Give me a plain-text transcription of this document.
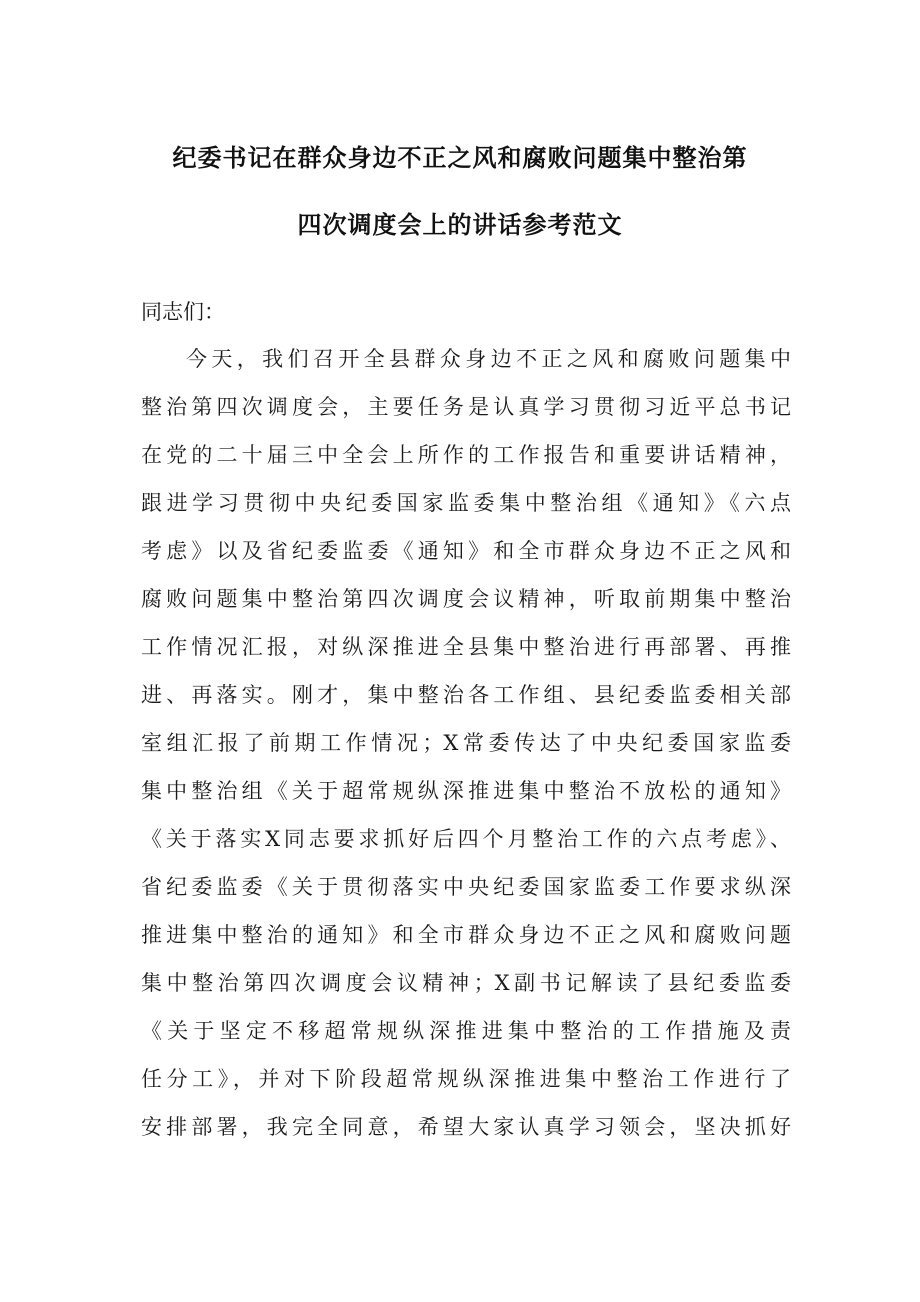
纪委书记在群众身边不正之风和腐败问题集中整治第
四次调度会上的讲话参考范文
同志们：
今天，我们召开全县群众身边不正之风和腐败问题集中
整治第四次调度会，主要任务是认真学习贯彻习近平总书记
在党的二十届三中全会上所作的工作报告和重要讲话精神，
跟进学习贯彻中央纪委国家监委集中整治组《通知》《六点
考虑》以及省纪委监委《通知》和全市群众身边不正之风和
腐败问题集中整治第四次调度会议精神，听取前期集中整治
工作情况汇报，对纵深推进全县集中整治进行再部署、再推
进、再落实。刚才，集中整治各工作组、县纪委监委相关部
室组汇报了前期工作情况；X常委传达了中央纪委国家监委
集中整治组《关于超常规纵深推进集中整治不放松的通知》
《关于落实X同志要求抓好后四个月整治工作的六点考虑》、
省纪委监委《关于贯彻落实中央纪委国家监委工作要求纵深
推进集中整治的通知》和全市群众身边不正之风和腐败问题
集中整治第四次调度会议精神；X副书记解读了县纪委监委
《关于坚定不移超常规纵深推进集中整治的工作措施及责
任分工》，并对下阶段超常规纵深推进集中整治工作进行了
安排部署，我完全同意，希望大家认真学习领会，坚决抓好
